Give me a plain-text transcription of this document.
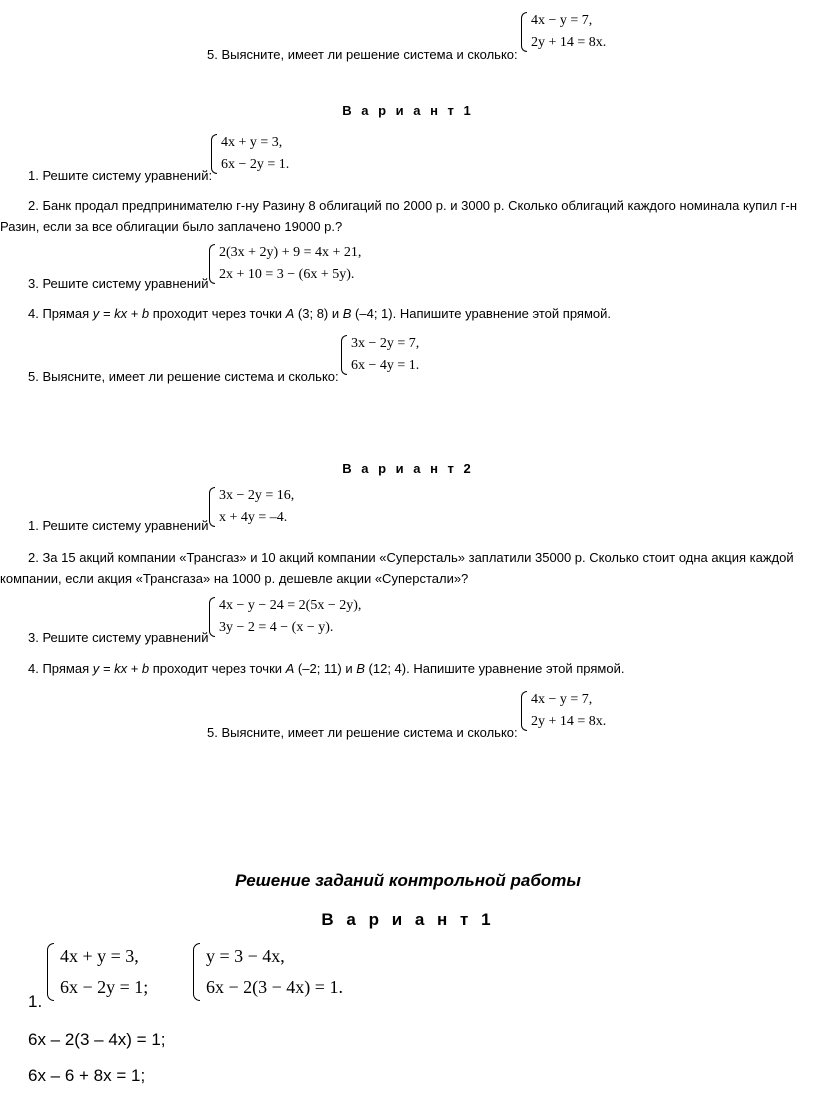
5. Выясните, имеет ли решение система и сколько:
4x − y = 7,
2y + 14 = 8x.
В а р и а н т 1
1. Решите систему уравнений:
4x + y = 3,
6x − 2y = 1.
2. Банк продал предпринимателю г-ну Разину 8 облигаций по 2000 р. и 3000 р. Сколько облигаций каждого номинала купил г-н
Разин, если за все облигации было заплачено 19000 р.?
3. Решите систему уравнений
2(3x + 2y) + 9 = 4x + 21,
2x + 10 = 3 − (6x + 5y).
4. Прямая y = kx + b проходит через точки A (3; 8) и B (–4; 1). Напишите уравнение этой прямой.
5. Выясните, имеет ли решение система и сколько:
3x − 2y = 7,
6x − 4y = 1.
В а р и а н т 2
1. Решите систему уравнений
3x − 2y = 16,
x + 4y = –4.
2. За 15 акций компании «Трансгаз» и 10 акций компании «Суперсталь» заплатили 35000 р. Сколько стоит одна акция каждой
компании, если акция «Трансгаза» на 1000 р. дешевле акции «Суперстали»?
3. Решите систему уравнений
4x − y − 24 = 2(5x − 2y),
3y − 2 = 4 − (x − y).
4. Прямая y = kx + b проходит через точки A (–2; 11) и B (12; 4). Напишите уравнение этой прямой.
5. Выясните, имеет ли решение система и сколько:
4x − y = 7,
2y + 14 = 8x.
Решение заданий контрольной работы
В а р и а н т 1
1.
4x + y = 3,
6x − 2y = 1;
y = 3 − 4x,
6x − 2(3 − 4x) = 1.
6x – 2(3 – 4x) = 1;
6x – 6 + 8x = 1;
